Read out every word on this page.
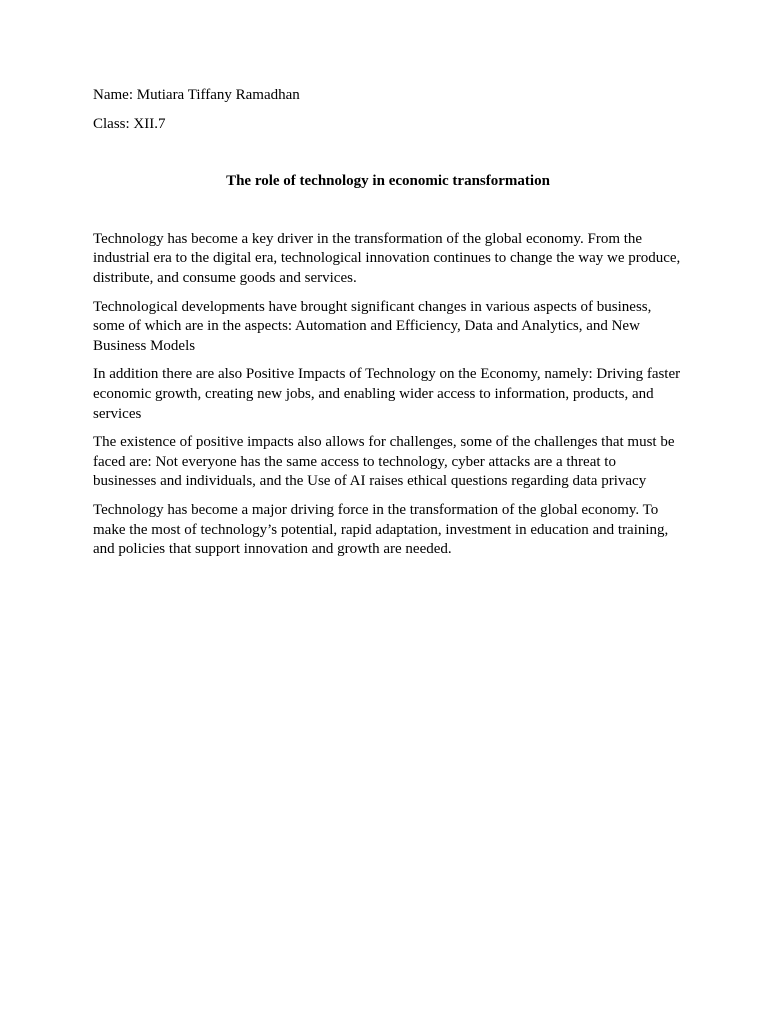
Name: Mutiara Tiffany Ramadhan

Class: XII.7

The role of technology in economic transformation

Technology has become a key driver in the transformation of the global economy. From the industrial era to the digital era, technological innovation continues to change the way we produce, distribute, and consume goods and services.

Technological developments have brought significant changes in various aspects of business, some of which are in the aspects: Automation and Efficiency, Data and Analytics, and New Business Models

In addition there are also Positive Impacts of Technology on the Economy, namely: Driving faster economic growth, creating new jobs, and enabling wider access to information, products, and services

The existence of positive impacts also allows for challenges, some of the challenges that must be faced are: Not everyone has the same access to technology, cyber attacks are a threat to businesses and individuals, and the Use of AI raises ethical questions regarding data privacy

Technology has become a major driving force in the transformation of the global economy. To make the most of technology’s potential, rapid adaptation, investment in education and training, and policies that support innovation and growth are needed.
